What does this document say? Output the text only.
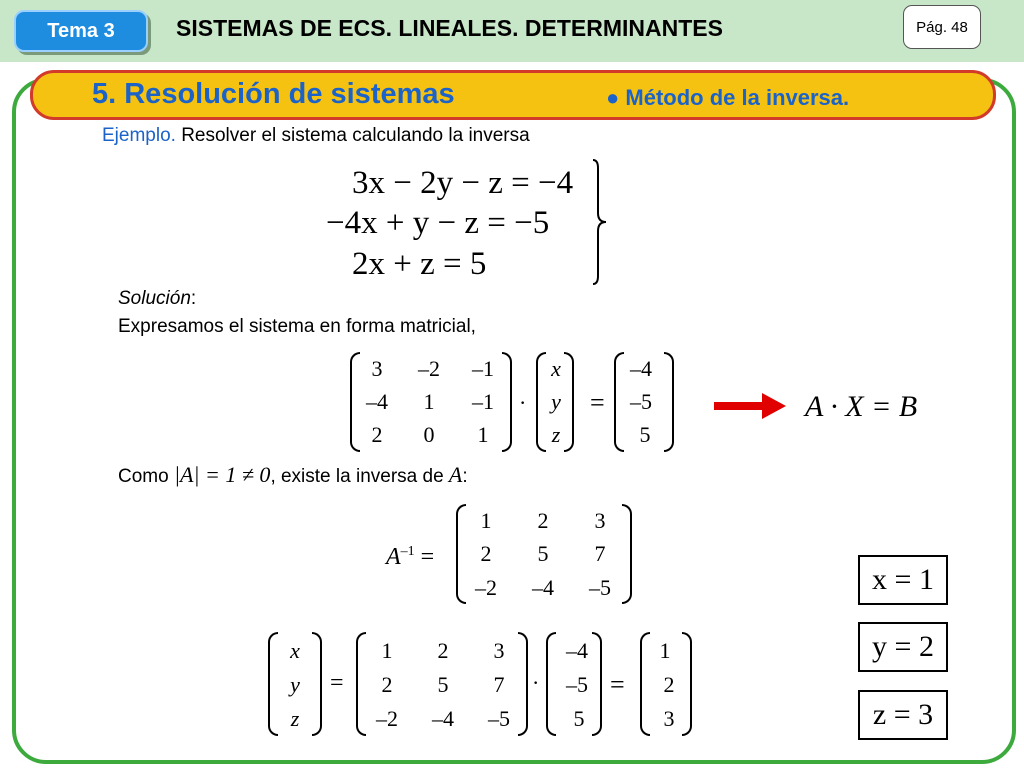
Tema 3	SISTEMAS DE ECS. LINEALES. DETERMINANTES	Pág. 48
5. Resolución de sistemas	● Método de la inversa.
Ejemplo. Resolver el sistema calculando la inversa
3x − 2y − z = −4
−4x + y − z = −5
2x + z = 5
Solución:
Expresamos el sistema en forma matricial,
3	–2	–1
–4	1	–1
2	0	1
·
x
y
z
=
–4
–5
5
A · X = B
Como |A| = 1 ≠ 0, existe la inversa de A:
$A^{-1}$ =
1	2	3
2	5	7
–2	–4	–5
x
y
z
=
1	2	3
2	5	7
–2	–4	–5
·
–4
–5
5
=
1
2
3
x = 1
y = 2
z = 3
